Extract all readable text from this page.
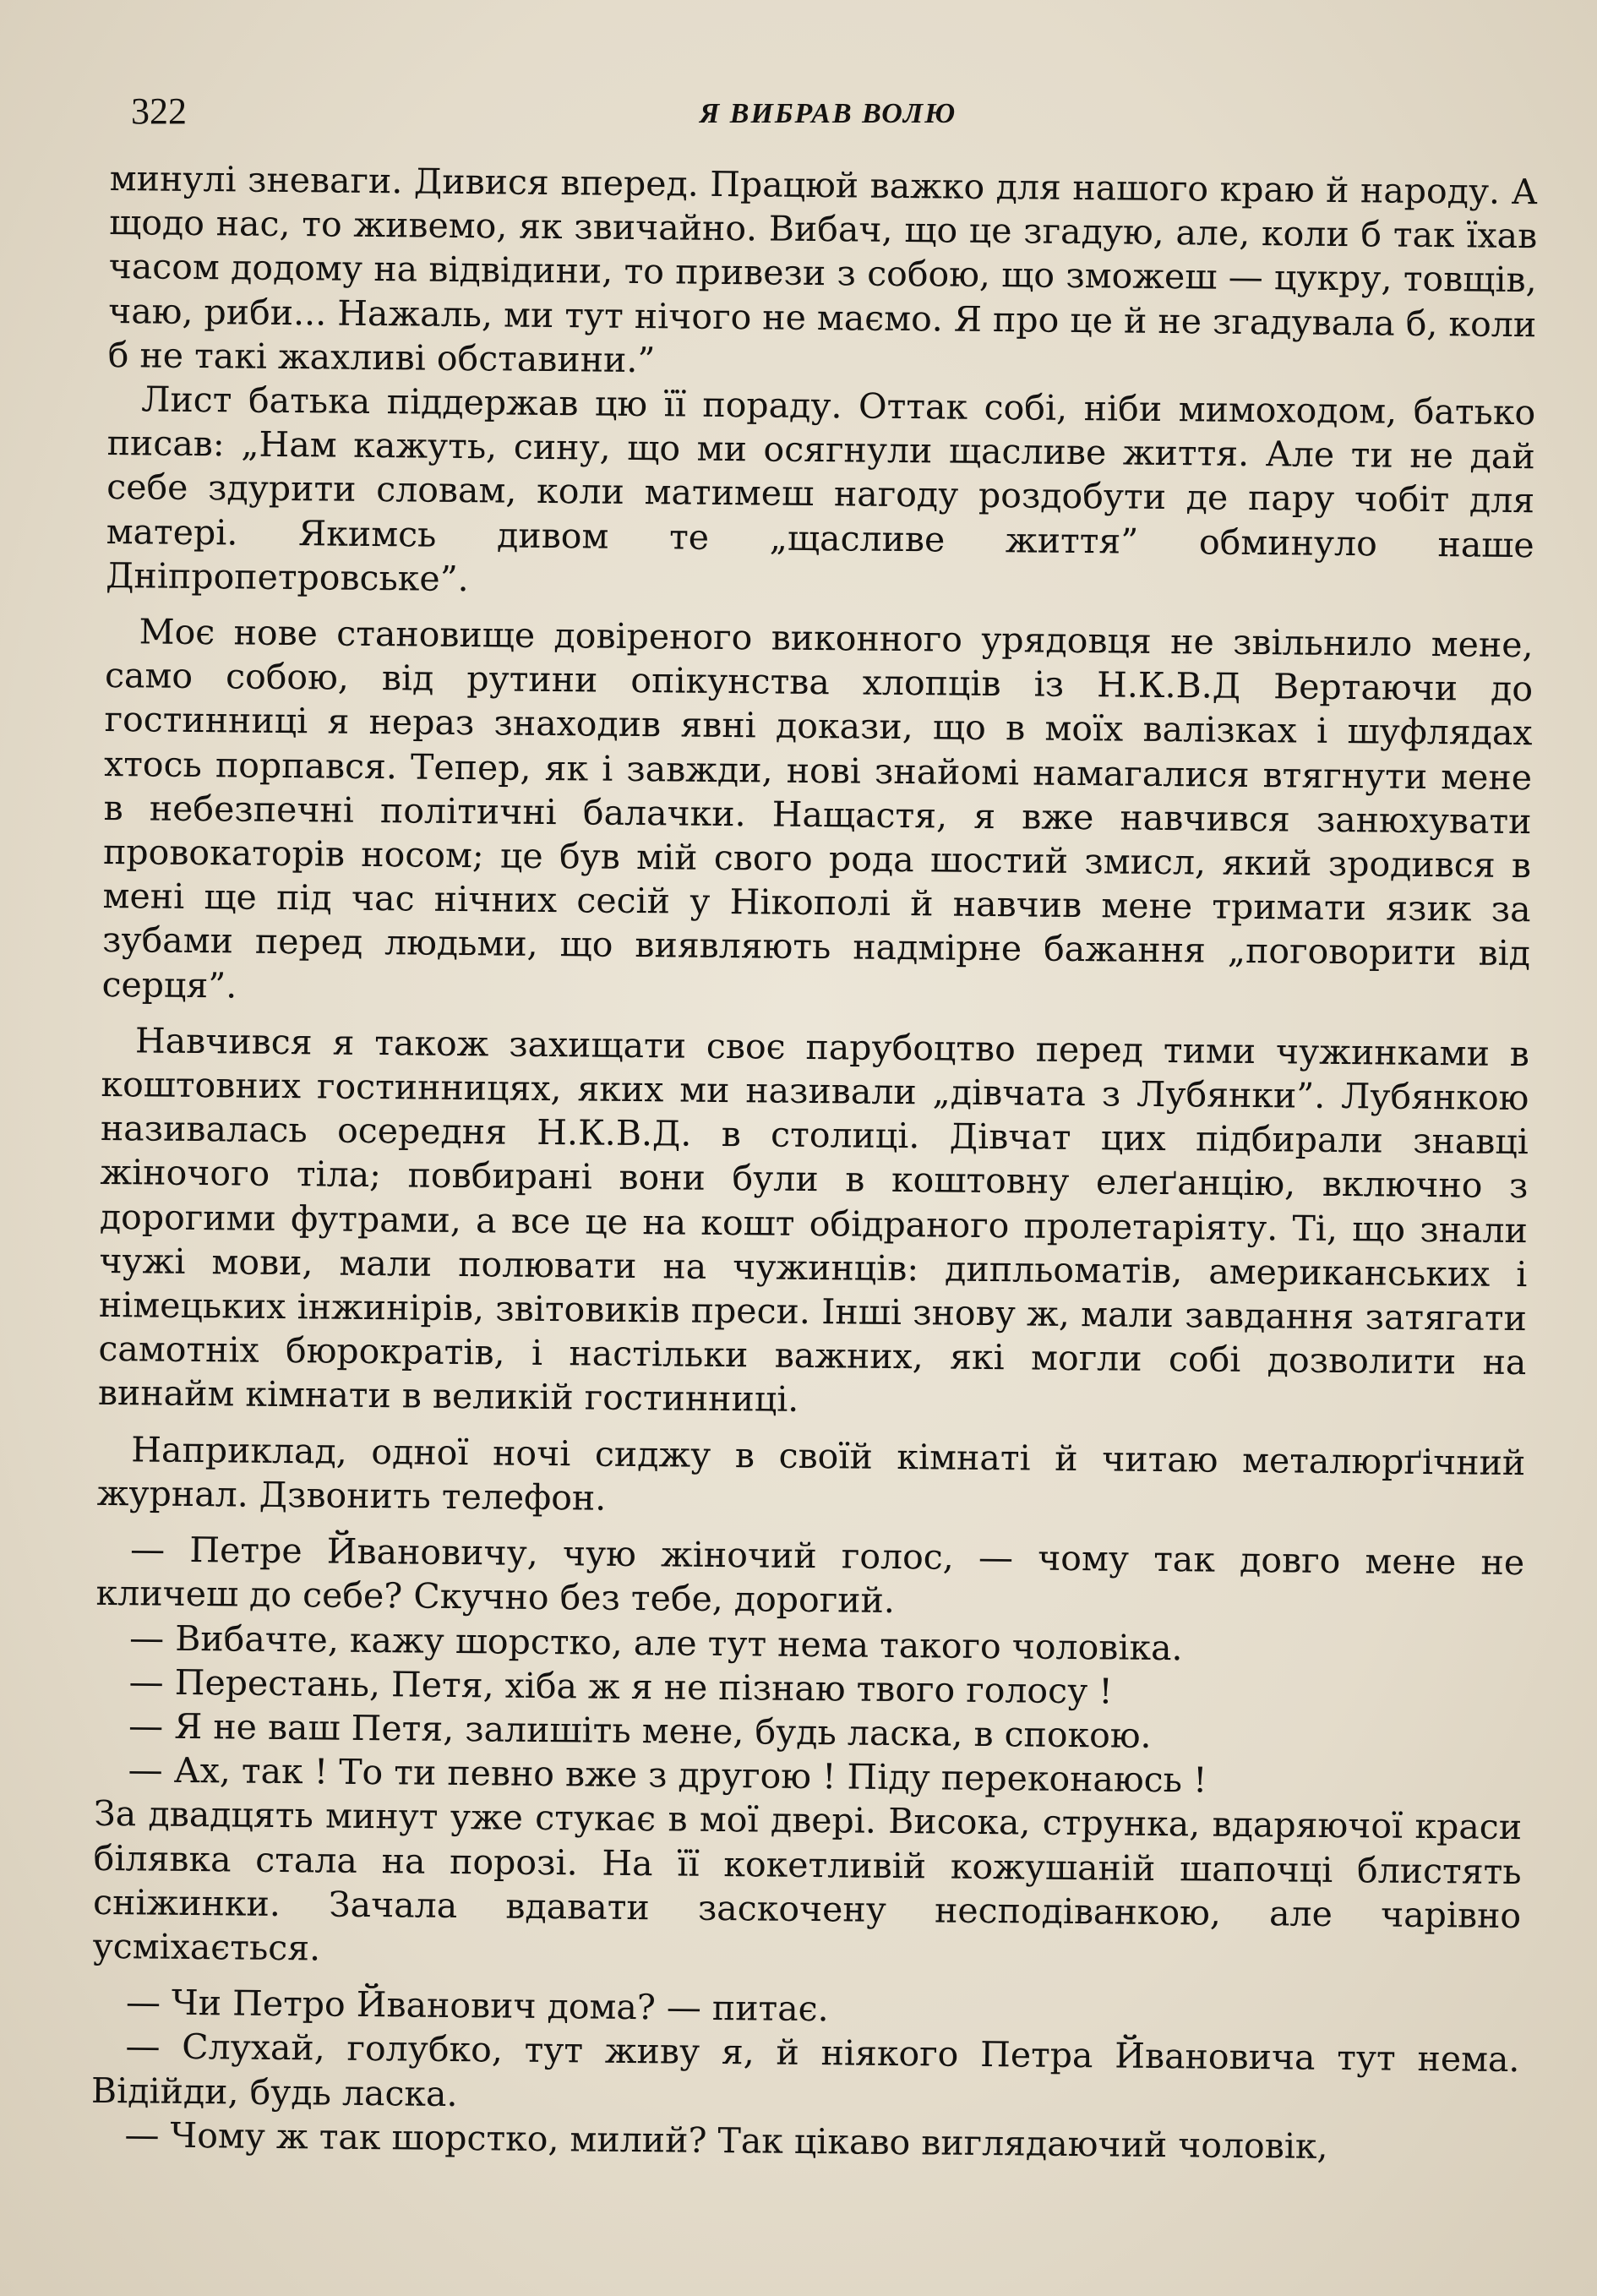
322	Я ВИБРАВ ВОЛЮ

минулі зневаги. Дивися вперед. Працюй важко для нашого краю й народу. А щодо нас, то живемо, як звичайно. Вибач, що це згадую, але, коли б так їхав часом додому на відвідини, то привези з собою, що зможеш — цукру, товщів, чаю, риби... Нажаль, ми тут нічого не маємо. Я про це й не згадувала б, коли б не такі жахливі обставини.”

Лист батька піддержав цю її пораду. Оттак собі, ніби мимоходом, батько писав: „Нам кажуть, сину, що ми осягнули щасливе життя. Але ти не дай себе здурити словам, коли матимеш нагоду роздобути де пару чобіт для матері. Якимсь дивом те „щасливе життя” обминуло наше Дніпропетровське”.

Моє нове становище довіреного виконного урядовця не звільнило мене, само собою, від рутини опікунства хлопців із Н.К.В.Д Вертаючи до гостинниці я нераз знаходив явні докази, що в моїх валізках і шуфлядах хтось порпався. Тепер, як і завжди, нові знайомі намагалися втягнути мене в небезпечні політичні балачки. Нащастя, я вже навчився занюхувати провокаторів носом; це був мій свого рода шостий змисл, який зродився в мені ще під час нічних сесій у Нікополі й навчив мене тримати язик за зубами перед людьми, що виявляють надмірне бажання „поговорити від серця”.

Навчився я також захищати своє парубоцтво перед тими чужинками в коштовних гостинницях, яких ми називали „дівчата з Лубянки”. Лубянкою називалась осередня Н.К.В.Д. в столиці. Дівчат цих підбирали знавці жіночого тіла; повбирані вони були в коштовну елеґанцію, включно з дорогими футрами, а все це на кошт обідраного пролетаріяту. Ті, що знали чужі мови, мали полювати на чужинців: дипльоматів, американських і німецьких інжинірів, звітовиків преси. Інші знову ж, мали завдання затягати самотніх бюрократів, і настільки важних, які могли собі дозволити на винайм кімнати в великій гостинниці.

Наприклад, одної ночі сиджу в своїй кімнаті й читаю металюрґічний журнал. Дзвонить телефон.

— Петре Йвановичу, чую жіночий голос, — чому так довго мене не кличеш до себе? Скучно без тебе, дорогий.

— Вибачте, кажу шорстко, але тут нема такого чоловіка.

— Перестань, Петя, хіба ж я не пізнаю твого голосу !

— Я не ваш Петя, залишіть мене, будь ласка, в спокою.

— Ах, так ! То ти певно вже з другою ! Піду переконаюсь !

За двадцять минут уже стукає в мої двері. Висока, струнка, вдаряючої краси білявка стала на порозі. На її кокетливій кожушаній шапочці блистять сніжинки. Зачала вдавати заскочену несподіванкою, але чарівно усміхається.

— Чи Петро Йванович дома? — питає.

— Слухай, голубко, тут живу я, й ніякого Петра Йвановича тут нема. Відійди, будь ласка.

— Чому ж так шорстко, милий? Так цікаво виглядаючий чоловік,
